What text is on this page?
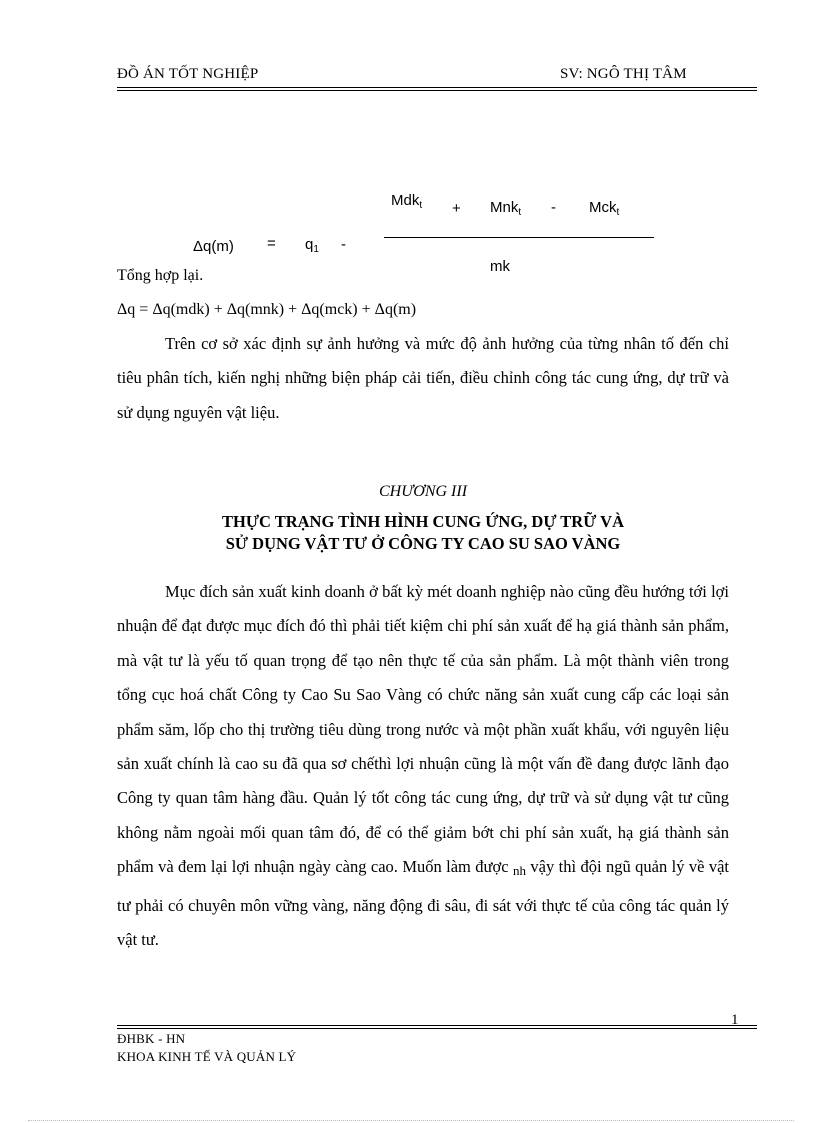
ĐỒ ÁN TỐT NGHIỆP	SV: NGÔ THỊ TÂM
Mdk$_t$ + Mnk$_t$ - Mck$_t$
$\Delta q(m) = q_1$ -
mk
Tổng hợp lại.
Δq = Δq(mdk) + Δq(mnk) + Δq(mck) + Δq(m)
Trên cơ sở xác định sự ảnh hưởng và mức độ ảnh hưởng của từng nhân tố đến chỉ tiêu phân tích, kiến nghị những biện pháp cải tiến, điều chỉnh công tác cung ứng, dự trữ và sử dụng nguyên vật liệu.
CHƯƠNG III
THỰC TRẠNG TÌNH HÌNH CUNG ỨNG, DỰ TRỮ VÀ
SỬ DỤNG VẬT TƯ Ở CÔNG TY CAO SU SAO VÀNG
Mục đích sản xuất kinh doanh ở bất kỳ mét doanh nghiệp nào cũng đều hướng tới lợi nhuận để đạt được mục đích đó thì phải tiết kiệm chi phí sản xuất để hạ giá thành sản phẩm, mà vật tư là yếu tố quan trọng để tạo nên thực tế của sản phẩm. Là một thành viên trong tổng cục hoá chất Công ty Cao Su Sao Vàng có chức năng sản xuất cung cấp các loại sản phẩm săm, lốp cho thị trường tiêu dùng trong nước và một phần xuất khẩu, với nguyên liệu sản xuất chính là cao su đã qua sơ chếthì lợi nhuận cũng là một vấn đề đang được lãnh đạo Công ty quan tâm hàng đầu. Quản lý tốt công tác cung ứng, dự trữ và sử dụng vật tư cũng không nằm ngoài mối quan tâm đó, để có thể giảm bớt chi phí sản xuất, hạ giá thành sản phẩm và đem lại lợi nhuận ngày càng cao. Muốn làm được nh vậy thì đội ngũ quản lý về vật tư phải có chuyên môn vững vàng, năng động đi sâu, đi sát với thực tế của công tác quản lý vật tư.
1
ĐHBK - HN
KHOA KINH TẾ VÀ QUẢN LÝ
